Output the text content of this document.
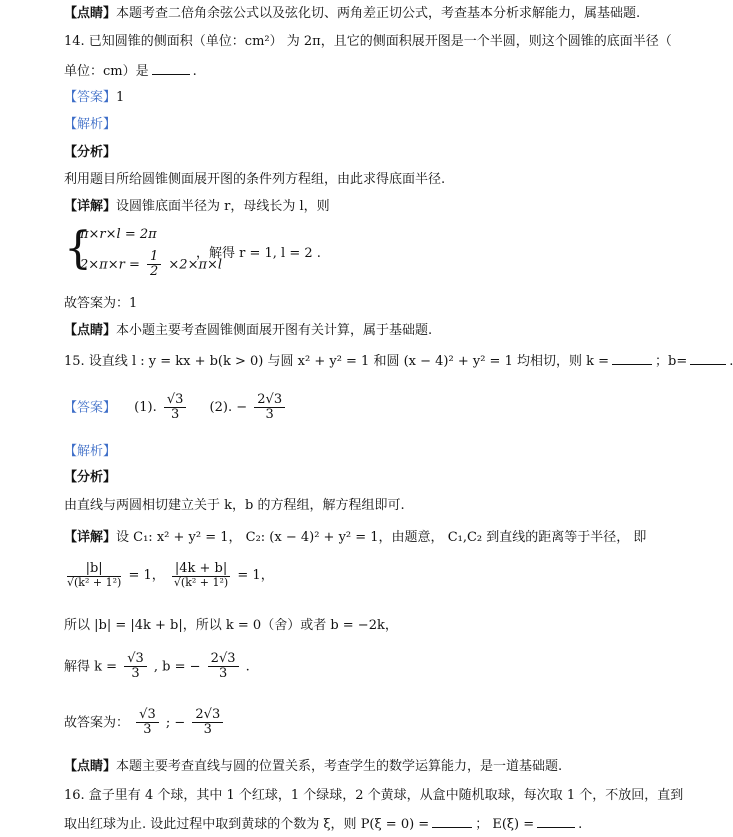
【点睛】本题考查二倍角余弦公式以及弦化切、两角差正切公式，考查基本分析求解能力，属基础题.
14. 已知圆锥的侧面积（单位：cm²） 为 2π，且它的侧面积展开图是一个半圆，则这个圆锥的底面半径（
单位：cm）是	.
【答案】1
【解析】
【分析】
利用题目所给圆锥侧面展开图的条件列方程组，由此求得底面半径.
【详解】设圆锥底面半径为 r，母线长为 l，则
{
π×r×l = 2π
$2\times\pi\times r = \frac{1}{2} \times 2\times\pi\times l$
，解得 r = 1, l = 2 .
故答案为：1
【点睛】本小题主要考查圆锥侧面展开图有关计算，属于基础题.
15. 设直线 l : y = kx + b(k > 0) 与圆 x² + y² = 1 和圆 (x − 4)² + y² = 1 均相切，则 k =	；b=	.
【答案】 (1). $\frac{√3}{3} (2)$. − $\frac{2√3}{3}$
【解析】
【分析】
由直线与两圆相切建立关于 k，b 的方程组，解方程组即可.
【详解】设 C₁: x² + y² = 1， C₂: (x − 4)² + y² = 1，由题意， C₁,C₂ 到直线的距离等于半径， 即
$\frac{|b|}{\text{√(k² + 1²)}} = 1$， $\frac{|4k + b|}{\text{√(k² + 1²)}} = 1$，
所以 |b| = |4k + b|，所以 k = 0（舍）或者 b = −2k，
解得 $k = \frac{√3}{3}$ , b = − $\frac{2√3}{3}$ .
故答案为： $\frac{√3}{3}$ ; − $\frac{2√3}{3}$
【点睛】本题主要考查直线与圆的位置关系，考查学生的数学运算能力，是一道基础题.
16. 盒子里有 4 个球，其中 1 个红球，1 个绿球，2 个黄球，从盒中随机取球，每次取 1 个，不放回，直到
取出红球为止. 设此过程中取到黄球的个数为 ξ，则 P(ξ = 0) =	； E(ξ) =	.
